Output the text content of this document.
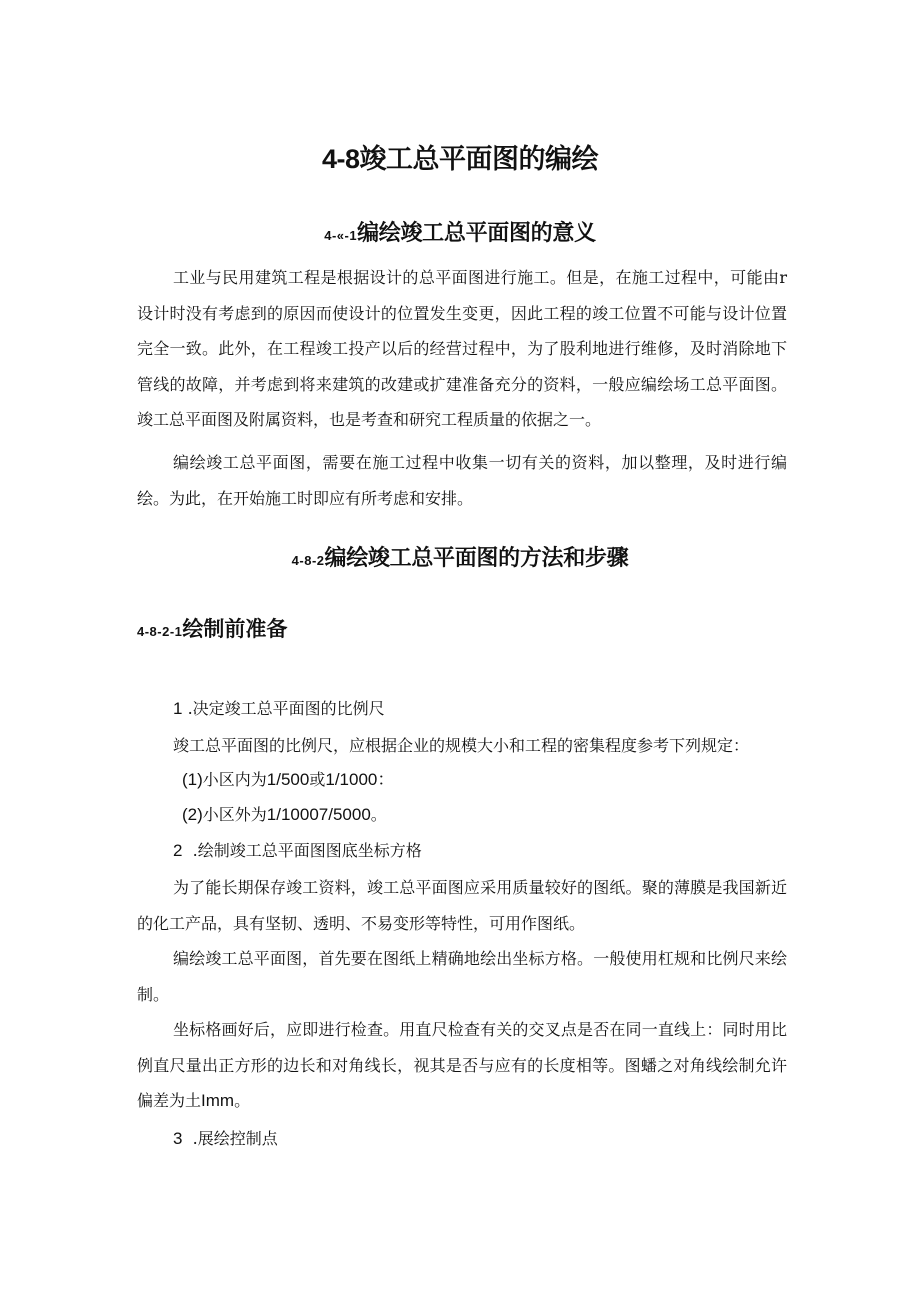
4-8竣工总平面图的编绘
4-«-1编绘竣工总平面图的意义

工业与民用建筑工程是根据设计的总平面图进行施工。但是，在施工过程中，可能由r设计时没有考虑到的原因而使设计的位置发生变更，因此工程的竣工位置不可能与设计位置完全一致。此外，在工程竣工投产以后的经营过程中，为了股利地进行维修，及时消除地下管线的故障，并考虑到将来建筑的改建或扩建准备充分的资料，一般应编绘场工总平面图。竣工总平面图及附属资料，也是考查和研究工程质量的依据之一。

编绘竣工总平面图，需要在施工过程中收集一切有关的资料，加以整理，及时进行编绘。为此，在开始施工时即应有所考虑和安排。

4-8-2编绘竣工总平面图的方法和步骤
4-8-2-1绘制前准备

1 .决定竣工总平面图的比例尺

竣工总平面图的比例尺，应根据企业的规模大小和工程的密集程度参考下列规定：

(1)小区内为1/500或1/1000：

(2)小区外为1/10007/5000。

2 .绘制竣工总平面图图底坐标方格

为了能长期保存竣工资料，竣工总平面图应采用质量较好的图纸。聚的薄膜是我国新近的化工产品，具有坚韧、透明、不易变形等特性，可用作图纸。

编绘竣工总平面图，首先要在图纸上精确地绘出坐标方格。一般使用杠规和比例尺来绘制。

坐标格画好后，应即进行检查。用直尺检查有关的交叉点是否在同一直线上：同时用比例直尺量出正方形的边长和对角线长，视其是否与应有的长度相等。图蟠之对角线绘制允许偏差为土Imm。

3 .展绘控制点
